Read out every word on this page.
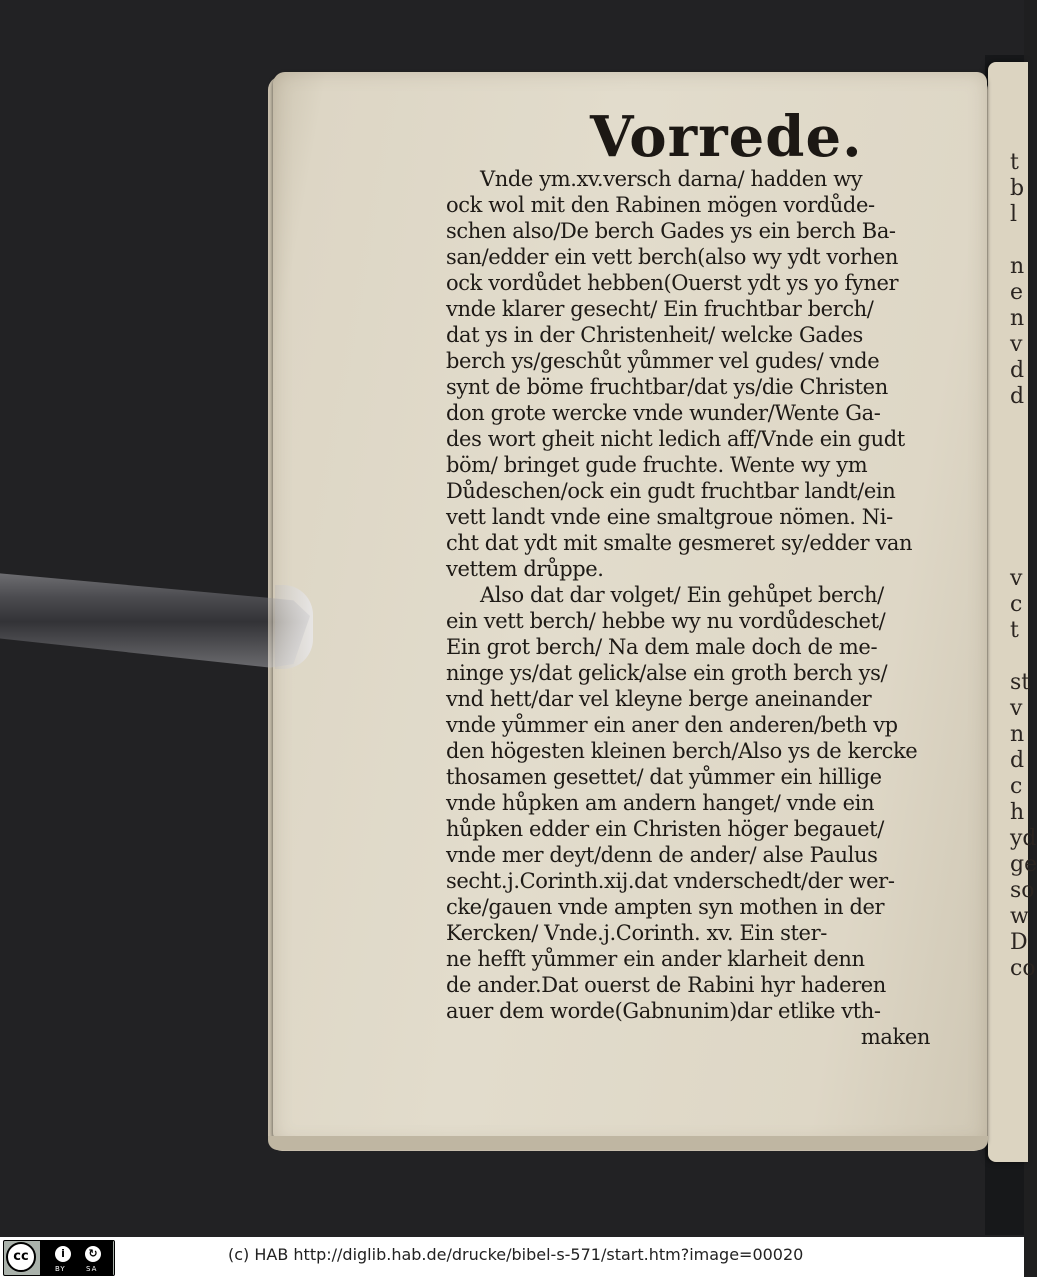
t
b
l

n
e
n
v
d
d

v
c
t

st
v
n
d
c
h
yd
ge
so
w
D
co
Vorrede.
Vnde ym.xv.versch darna/ hadden wy
ock wol mit den Rabinen mögen vordůde-
schen also/De berch Gades ys ein berch Ba-
san/edder ein vett berch(also wy ydt vorhen
ock vordůdet hebben(Ouerst ydt ys yo fyner
vnde klarer gesecht/ Ein fruchtbar berch/
dat ys in der Christenheit/ welcke Gades
berch ys/geschůt yůmmer vel gudes/ vnde
synt de böme fruchtbar/dat ys/die Christen
don grote wercke vnde wunder/Wente Ga-
des wort gheit nicht ledich aff/Vnde ein gudt
böm/ bringet gude fruchte. Wente wy ym
Důdeschen/ock ein gudt fruchtbar landt/ein
vett landt vnde eine smaltgroue nömen. Ni-
cht dat ydt mit smalte gesmeret sy/edder van
vettem drůppe.
Also dat dar volget/ Ein gehůpet berch/
ein vett berch/ hebbe wy nu vordůdeschet/
Ein grot berch/ Na dem male doch de me-
ninge ys/dat gelick/alse ein groth berch ys/
vnd hett/dar vel kleyne berge aneinander
vnde yůmmer ein aner den anderen/beth vp
den högesten kleinen berch/Also ys de kercke
thosamen gesettet/ dat yůmmer ein hillige
vnde hůpken am andern hanget/ vnde ein
hůpken edder ein Christen höger begauet/
vnde mer deyt/denn de ander/ alse Paulus
secht.j.Corinth.xij.dat vnderschedt/der wer-
cke/gauen vnde ampten syn mothen in der
Kercken/ Vnde.j.Corinth. xv. Ein ster-
ne hefft yůmmer ein ander klarheit denn
de ander.Dat ouerst de Rabini hyr haderen
auer dem worde(Gabnunim)dar etlike vth-
maken
cc	i	↻
BY	SA
(c) HAB http://diglib.hab.de/drucke/bibel-s-571/start.htm?image=00020
